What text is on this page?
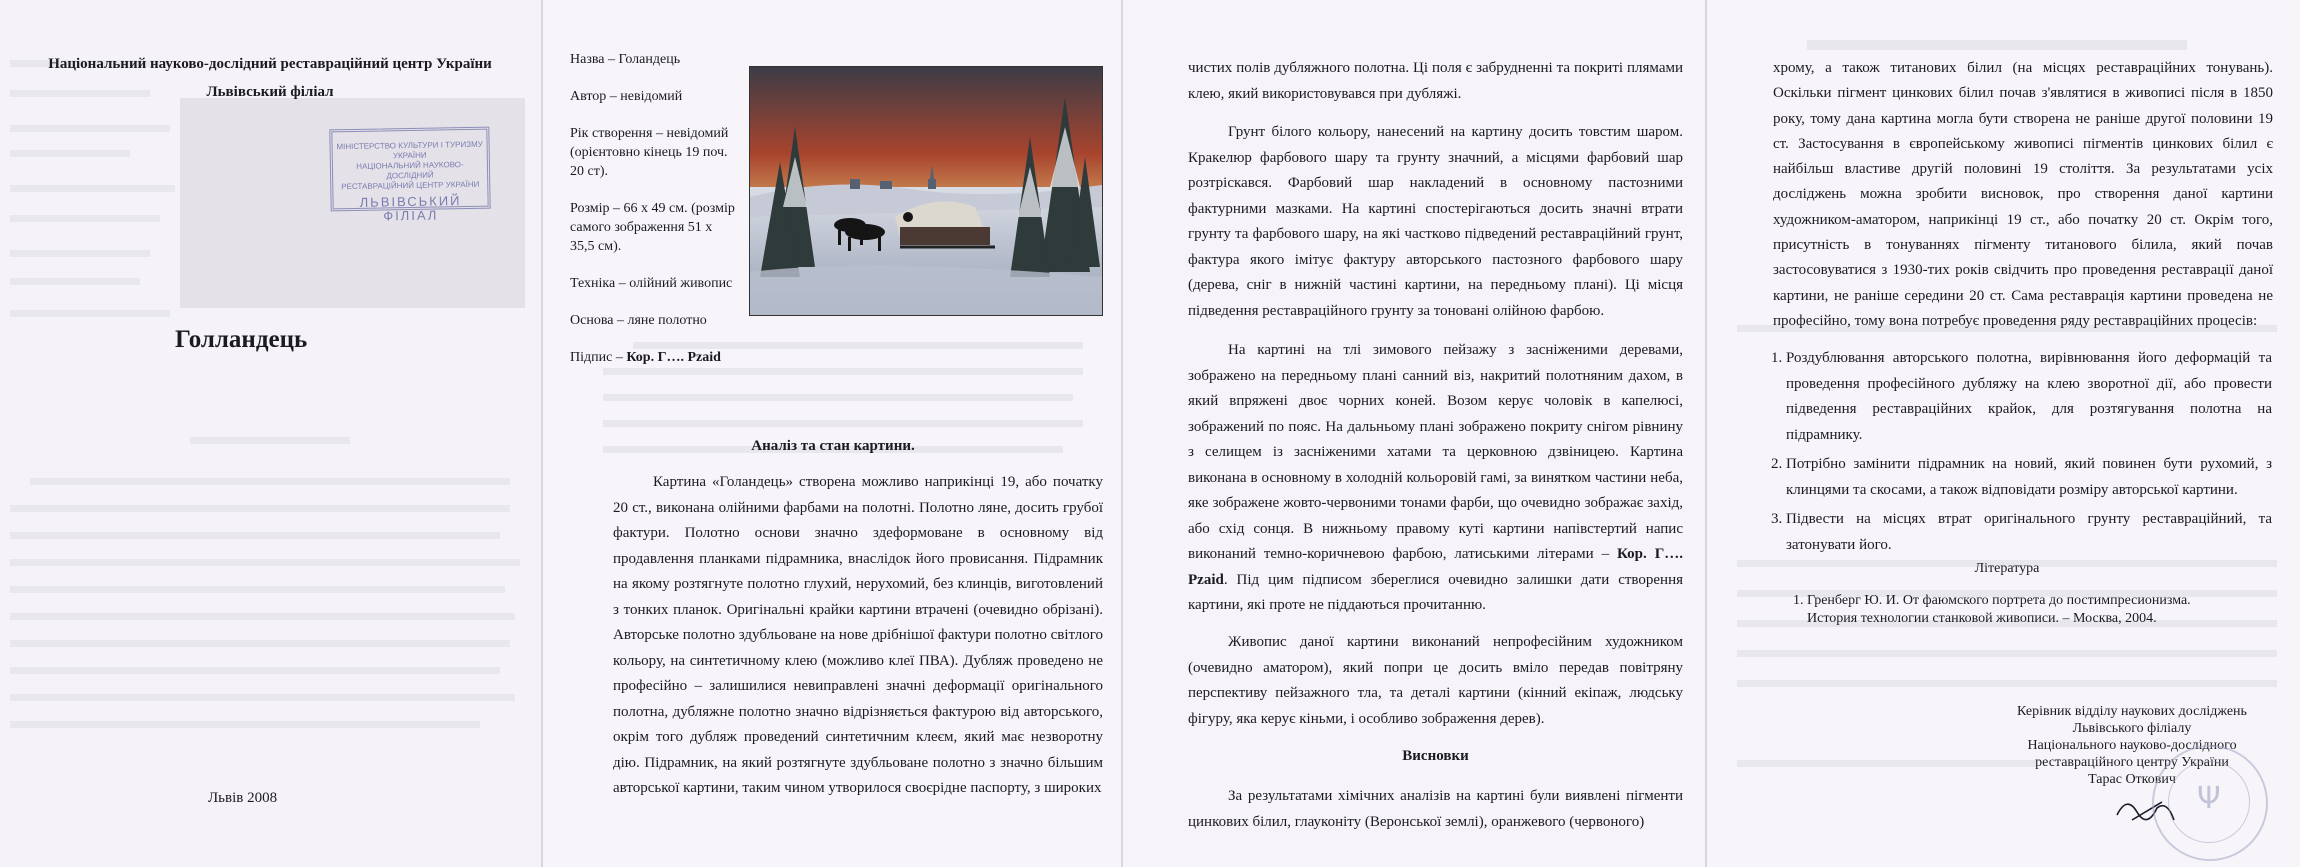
Національний науково-дослідний реставраційний центр України
Львівський філіал
МІНІСТЕРСТВО КУЛЬТУРИ І ТУРИЗМУ УКРАЇНИ
НАЦІОНАЛЬНИЙ НАУКОВО-ДОСЛІДНИЙ
РЕСТАВРАЦІЙНИЙ ЦЕНТР УКРАЇНИ
ЛЬВІВСЬКИЙ ФІЛІАЛ
Голландець
Львів 2008
Назва – Голандець
Автор – невідомий
Рік створення – невідомий (орієнтовно кінець 19 поч. 20 ст).
Розмір – 66 x 49 см. (розмір самого зображення 51 x 35,5 см).
Техніка – олійний живопис
Основа – ляне полотно
Підпис – Кор. Г…. Pzaid
Аналіз та стан картини.
Картина «Голандець» створена можливо наприкінці 19, або початку 20 ст., виконана олійними фарбами на полотні. Полотно ляне, досить грубої фактури. Полотно основи значно здеформоване в основному від продавлення планками підрамника, внаслідок його провисання. Підрамник на якому розтягнуте полотно глухий, нерухомий, без клинців, виготовлений з тонких планок. Оригінальні крайки картини втрачені (очевидно обрізані). Авторське полотно здубльоване на нове дрібнішої фактури полотно світлого кольору, на синтетичному клею (можливо клеї ПВА). Дубляж проведено не професійно – залишилися невиправлені значні деформації оригінального полотна, дубляжне полотно значно відрізняється фактурою від авторського, окрім того дубляж проведений синтетичним клеєм, який має незворотну дію. Підрамник, на який розтягнуте здубльоване полотно з значно більшим авторської картини, таким чином утворилося своєрідне паспорту, з широких
чистих полів дубляжного полотна. Ці поля є забрудненні та покриті плямами клею, який використовувався при дубляжі.
Грунт білого кольору, нанесений на картину досить товстим шаром. Кракелюр фарбового шару та грунту значний, а місцями фарбовий шар розтріскався. Фарбовий шар накладений в основному пастозними фактурними мазками. На картині спостерігаються досить значні втрати грунту та фарбового шару, на які частково підведений реставраційний грунт, фактура якого імітує фактуру авторського пастозного фарбового шару (дерева, сніг в нижній частині картини, на передньому плані). Ці місця підведення реставраційного грунту за тоновані олійною фарбою.
На картині на тлі зимового пейзажу з засніженими деревами, зображено на передньому плані санний віз, накритий полотняним дахом, в який впряжені двоє чорних коней. Возом керує чоловік в капелюсі, зображений по пояс. На дальньому плані зображено покриту снігом рівнину з селищем із засніженими хатами та церковною дзвіницею. Картина виконана в основному в холодній кольоровій гамі, за винятком частини неба, яке зображене жовто-червоними тонами фарби, що очевидно зображає захід, або схід сонця. В нижньому правому куті картини напівстертий напис виконаний темно-коричневою фарбою, латиськими літерами – Кор. Г…. Pzaid. Під цим підписом збереглися очевидно залишки дати створення картини, які проте не піддаються прочитанню.
Живопис даної картини виконаний непрофесійним художником (очевидно аматором), який попри це досить вміло передав повітряну перспективу пейзажного тла, та деталі картини (кінний екіпаж, людську фігуру, яка керує кіньми, і особливо зображення дерев).
Висновки
За результатами хімічних аналізів на картині були виявлені пігменти цинкових білил, глауконіту (Веронської землі), оранжевого (червоного)
хрому, а також титанових білил (на місцях реставраційних тонувань). Оскільки пігмент цинкових білил почав з'являтися в живописі після в 1850 року, тому дана картина могла бути створена не раніше другої половини 19 ст. Застосування в європейському живописі пігментів цинкових білил є найбільш властиве другій половині 19 століття. За результатами усіх досліджень можна зробити висновок, про створення даної картини художником-аматором, наприкінці 19 ст., або початку 20 ст. Окрім того, присутність в тонуваннях пігменту титанового білила, який почав застосовуватися з 1930-тих років свідчить про проведення реставрації даної картини, не раніше середини 20 ст. Сама реставрація картини проведена не професійно, тому вона потребує проведення ряду реставраційних процесів:
1. Роздублювання авторського полотна, вирівнювання його деформацій та проведення професійного дубляжу на клею зворотної дії, або провести підведення реставраційних крайок, для розтягування полотна на підрамнику.
2. Потрібно замінити підрамник на новий, який повинен бути рухомий, з клинцями та скосами, а також відповідати розміру авторської картини.
3. Підвести на місцях втрат оригінального грунту реставраційний, та затонувати його.
Література
1. Гренберг Ю. И. От фаюмского портрета до постимпресионизма. История технологии станковой живописи. – Москва, 2004.
Керівник відділу наукових досліджень
Львівського філіалу
Національного науково-дослідного
реставраційного центру України
Тарас Откович
Ψ
